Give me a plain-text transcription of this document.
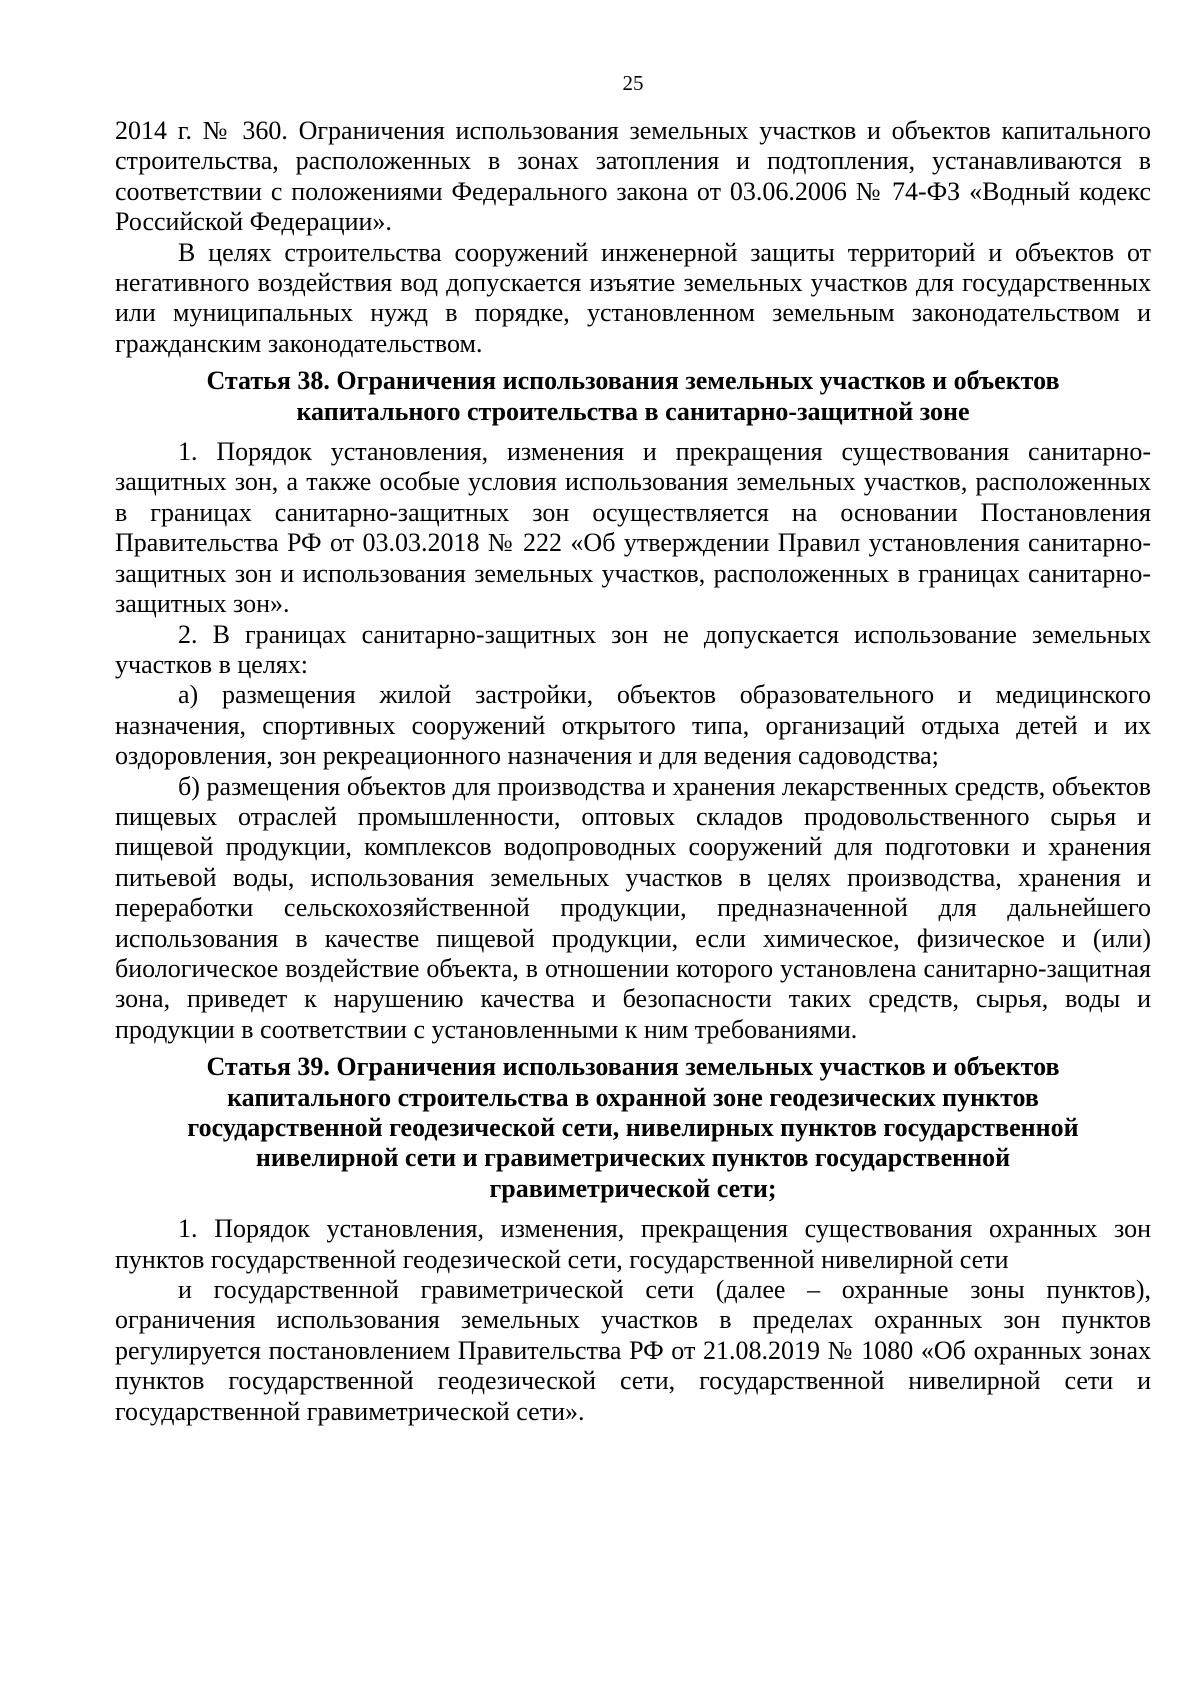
25

2014 г. № 360. Ограничения использования земельных участков и объектов капитального строительства, расположенных в зонах затопления и подтопления, устанавливаются в соответствии с положениями Федерального закона от 03.06.2006 № 74-ФЗ «Водный кодекс Российской Федерации».

В целях строительства сооружений инженерной защиты территорий и объектов от негативного воздействия вод допускается изъятие земельных участков для государственных или муниципальных нужд в порядке, установленном земельным законодательством и гражданским законодательством.

Статья 38. Ограничения использования земельных участков и объектов
капитального строительства в санитарно-защитной зоне

1. Порядок установления, изменения и прекращения существования санитарно-защитных зон, а также особые условия использования земельных участков, расположенных в границах санитарно-защитных зон осуществляется на основании Постановления Правительства РФ от 03.03.2018 № 222 «Об утверждении Правил установления санитарно-защитных зон и использования земельных участков, расположенных в границах санитарно-защитных зон».

2. В границах санитарно-защитных зон не допускается использование земельных участков в целях:

а) размещения жилой застройки, объектов образовательного и медицинского назначения, спортивных сооружений открытого типа, организаций отдыха детей и их оздоровления, зон рекреационного назначения и для ведения садоводства;

б) размещения объектов для производства и хранения лекарственных средств, объектов пищевых отраслей промышленности, оптовых складов продовольственного сырья и пищевой продукции, комплексов водопроводных сооружений для подготовки и хранения питьевой воды, использования земельных участков в целях производства, хранения и переработки сельскохозяйственной продукции, предназначенной для дальнейшего использования в качестве пищевой продукции, если химическое, физическое и (или) биологическое воздействие объекта, в отношении которого установлена санитарно-защитная зона, приведет к нарушению качества и безопасности таких средств, сырья, воды и продукции в соответствии с установленными к ним требованиями.

Статья 39. Ограничения использования земельных участков и объектов
капитального строительства в охранной зоне геодезических пунктов
государственной геодезической сети, нивелирных пунктов государственной
нивелирной сети и гравиметрических пунктов государственной
гравиметрической сети;

1. Порядок установления, изменения, прекращения существования охранных зон пунктов государственной геодезической сети, государственной нивелирной сети

и государственной гравиметрической сети (далее – охранные зоны пунктов), ограничения использования земельных участков в пределах охранных зон пунктов регулируется постановлением Правительства РФ от 21.08.2019 № 1080 «Об охранных зонах пунктов государственной геодезической сети, государственной нивелирной сети и государственной гравиметрической сети».
